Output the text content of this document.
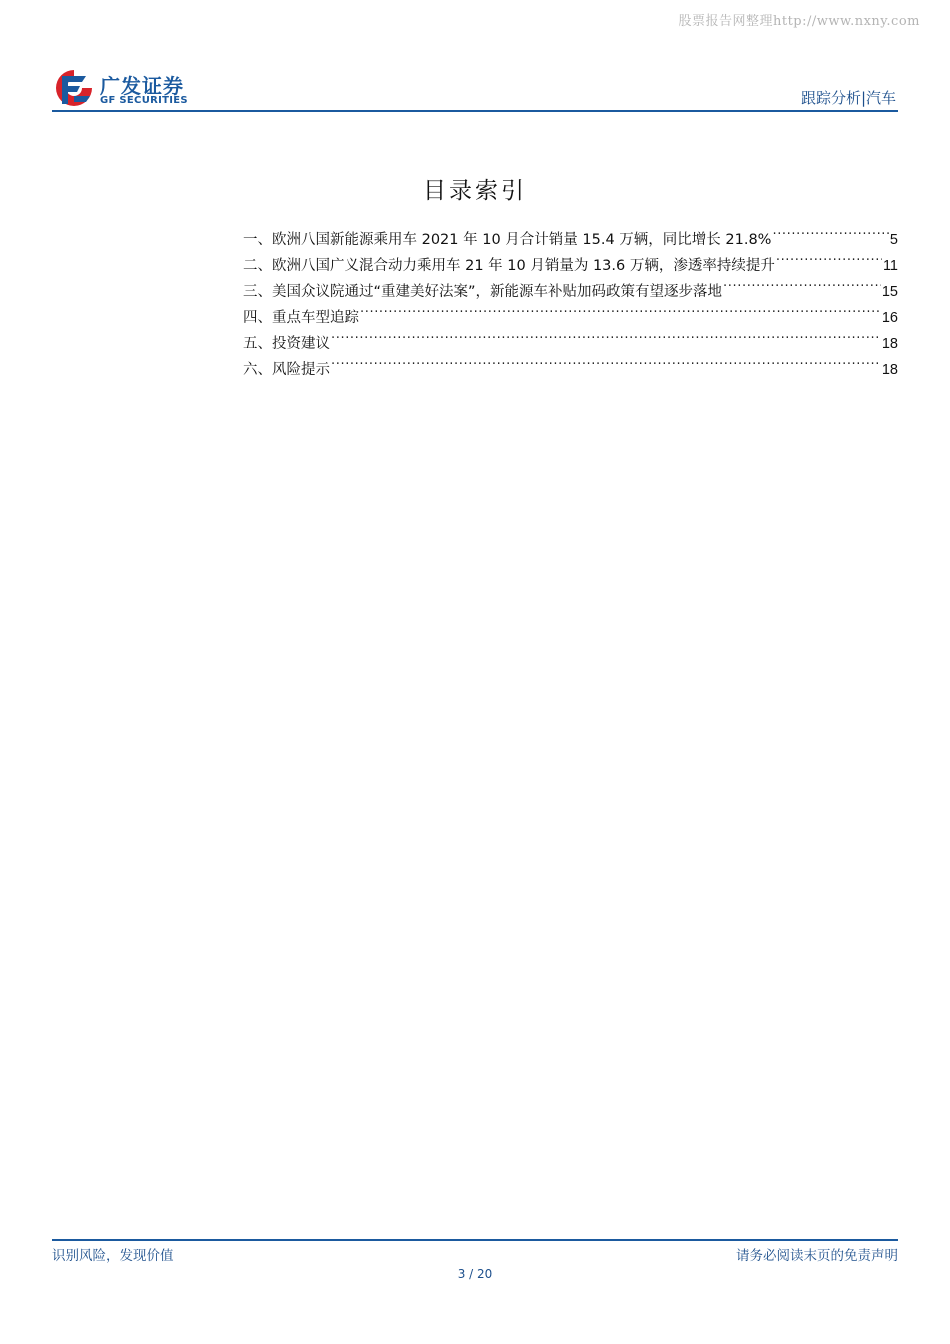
股票报告网整理http://www.nxny.com
广发证券
GF SECURITIES	跟踪分析|汽车
目录索引
一、 欧洲八国新能源乘用车 2021 年 10 月合计销量 15.4 万辆，同比增长 21.8% .....	5
二、 欧洲八国广义混合动力乘用车 21 年 10 月销量为 13.6 万辆，渗透率持续提升 .....	11
三、 美国众议院通过“重建美好法案”，新能源车补贴加码政策有望逐步落地 .....	15
四、 重点车型追踪 .....	16
五、 投资建议 .....	18
六、 风险提示 .....	18
识别风险，发现价值	请务必阅读末页的免责声明
3 / 20
